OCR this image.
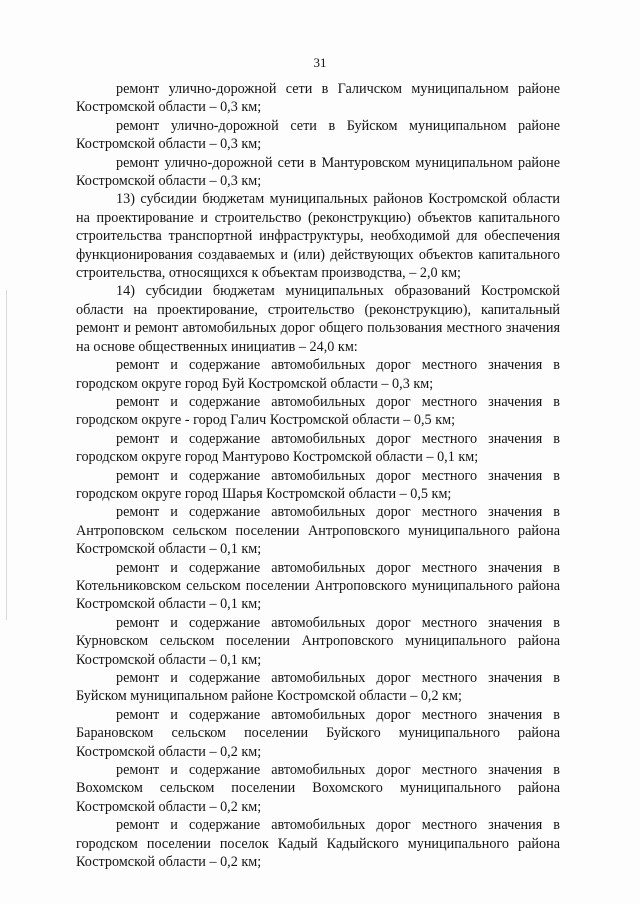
31

ремонт улично-дорожной сети в Галичском муниципальном районе Костромской области – 0,3 км;

ремонт улично-дорожной сети в Буйском муниципальном районе Костромской области – 0,3 км;

ремонт улично-дорожной сети в Мантуровском муниципальном районе Костромской области – 0,3 км;

13) субсидии бюджетам муниципальных районов Костромской области на проектирование и строительство (реконструкцию) объектов капитального строительства транспортной инфраструктуры, необходимой для обеспечения функционирования создаваемых и (или) действующих объектов капитального строительства, относящихся к объектам производства, – 2,0 км;

14) субсидии бюджетам муниципальных образований Костромской области на проектирование, строительство (реконструкцию), капитальный ремонт и ремонт автомобильных дорог общего пользования местного значения на основе общественных инициатив – 24,0 км:

ремонт и содержание автомобильных дорог местного значения в городском округе город Буй Костромской области – 0,3 км;

ремонт и содержание автомобильных дорог местного значения в городском округе - город Галич Костромской области – 0,5 км;

ремонт и содержание автомобильных дорог местного значения в городском округе город Мантурово Костромской области – 0,1 км;

ремонт и содержание автомобильных дорог местного значения в городском округе город Шарья Костромской области – 0,5 км;

ремонт и содержание автомобильных дорог местного значения в Антроповском сельском поселении Антроповского муниципального района Костромской области – 0,1 км;

ремонт и содержание автомобильных дорог местного значения в Котельниковском сельском поселении Антроповского муниципального района Костромской области – 0,1 км;

ремонт и содержание автомобильных дорог местного значения в Курновском сельском поселении Антроповского муниципального района Костромской области – 0,1 км;

ремонт и содержание автомобильных дорог местного значения в Буйском муниципальном районе Костромской области – 0,2 км;

ремонт и содержание автомобильных дорог местного значения в Барановском сельском поселении Буйского муниципального района Костромской области – 0,2 км;

ремонт и содержание автомобильных дорог местного значения в Вохомском сельском поселении Вохомского муниципального района Костромской области – 0,2 км;

ремонт и содержание автомобильных дорог местного значения в городском поселении поселок Кадый Кадыйского муниципального района Костромской области – 0,2 км;
